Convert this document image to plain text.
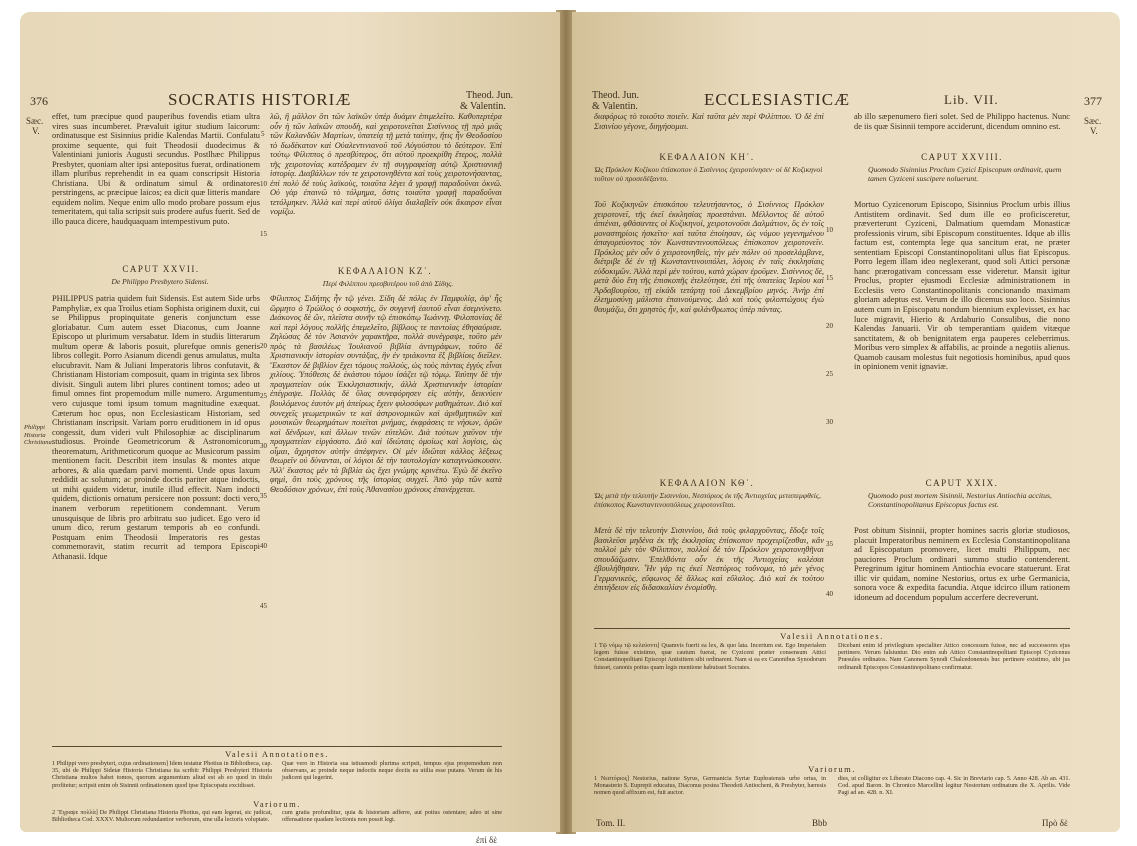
376	SOCRATIS HISTORIÆ	Theod. Jun.
& Valentin.
Sæc.
V.
effet, tum præcipue quod pauperibus fovendis etiam ultra vires suas incumberet. Prævaluit igitur studium laicorum: ordinatusque est Sisinnius pridie Kalendas Martii. Confulatu proxime sequente, qui fuit Theodosii duodecimus & Valentiniani junioris Augusti secundus. Postlhæc Philippus Presbyter, quoniam alter ipsi antepositus fuerat, ordinationem illam pluribus reprehendit in ea quam conscripsit Historia Christiana. Ubi & ordinatum simul & ordinatores perstringens, ac præcipue laicos; ea dicit quæ litteris mandare equidem nolim. Neque enim ullo modo probare possum ejus temeritatem, qui talia scripsit suis prodere aufus fuerit. Sed de illo pauca dicere, haudquaquam intempestivum puto.
λῶ, ἢ μᾶλλον ὅτι τῶν λαϊκῶν ὑπὲρ δυάμιν ἐπιμελεῖτο. Καθυπερτέρα οὖν ἡ τῶν λαϊκῶν σπουδὴ, καὶ χειροτονεῖται Σισίννιος τῇ πρὸ μιᾶς τῶν Καλανδῶν Μαρτίων, ὑπατείᾳ τῇ μετὰ ταύτην, ἥτις ἦν Θεοδοσίου τὸ δωδέκατον καὶ Οὐαλεντινιανοῦ τοῦ Αὐγούστου τὸ δεύτερον. Ἐπὶ τούτῳ Φίλιππος ὁ πρεσβύτερος, ὅτι αὐτοῦ προεκρίθη ἕτερος, πολλὰ τῆς χειροτονίας κατέδραμεν ἐν τῇ συγγραφείσῃ αὐτῷ Χριστιανικῇ ἱστορίᾳ. Διαβάλλων τόν τε χειροτονηθέντα καὶ τοὺς χειροτονήσαντας, ἐπὶ πολὺ δὲ τοὺς λαϊκοὺς, τοιαῦτα λέγει ἃ γραφῇ παραδοῦναι ὀκνῶ. Οὐ γὰρ ἐπαινῶ τὸ τόλμημα, ὅστις τοιαῦτα γραφῇ παραδοῦναι τετόλμηκεν. Ἀλλὰ καὶ περὶ αὐτοῦ ὀλίγα διαλαβεῖν οὐκ ἄκαιρον εἶναι νομίζω.
CAPUT XXVII.
De Philippo Presbytero Sidensi.
ΚΕΦΑΛΑΙΟΝ ΚΖ΄.
Περὶ Φιλίππου πρεσβυτέρου τοῦ ἀπὸ Σίδης.
PHILIPPUS patria quidem fuit Sidensis. Est autem Side urbs Pamphyliæ, ex qua Troilus etiam Sophista originem duxit, cui se Philippus propinquitate generis conjunctum esse gloriabatur. Cum autem esset Diaconus, cum Joanne Episcopo ut plurimum versabatur. Idem in studiis litterarum multum operæ & laboris posuit, plurefque omnis generis libros collegit. Porro Asianum dicendi genus amulatus, multa elucubravit. Nam & Juliani Imperatoris libros confutavit, & Christianam Historiam composuit, quam in triginta sex libros divisit. Singuli autem libri plures continent tomos; adeo ut fimul omnes fint propemodum mille numero. Argumentum vero cujusque tomi ipsum tomum magnitudine exæquat. Cæterum hoc opus, non Ecclesiasticam Historiam, sed Christianam inscripsit. Variam porro eruditionem in id opus congessit, dum videri vult Philosophiæ ac disciplinarum studiosus. Proinde Geometricorum & Astronomicorum theorematum, Arithmeticorum quoque ac Musicorum passim mentionem facit. Describit item insulas & montes atque arbores, & alia quædam parvi momenti. Unde opus laxum reddidit ac solutum; ac proinde doctis pariter atque indoctis, ut mihi quidem videtur, inutile illud effecit. Nam indocti quidem, dictionis ornatum persicere non possunt: docti vero, inanem verborum repetitionem condemnant. Verum unusquisque de libris pro arbitratu suo judicet. Ego vero id unum dico, rerum gestarum temporis ab eo confundi. Postquam enim Theodosii Imperatoris res gestas commemoravit, statim recurrit ad tempora Episcopi Athanasii. Idque
Φίλιππος Σιδήτης ἦν τῷ γένει. Σίδη δὲ πόλις ἐν Παμφυλίᾳ, ἀφ' ἧς ὥρμητο ὁ Τρώϊλος ὁ σοφιστὴς, ὃν συγγενῆ ἑαυτοῦ εἶναι ἐσεμνύνετο. Διάκονος δὲ ὢν, πλεῖστα συνῆν τῷ ἐπισκόπῳ Ἰωάννῃ. Φιλοπονίας δὲ καὶ περὶ λόγους πολλῆς ἐπεμελεῖτο, βίβλους τε παντοίας ἐθησαύρισε. Ζηλώσας δὲ τὸν Ἀσιανὸν χαρακτῆρα, πολλὰ συνέγραψε, τοῦτο μὲν πρὸς τὰ βασιλέως Ἰουλιανοῦ βιβλία ἀντιγράφων, τοῦτο δὲ Χριστιανικὴν ἱστορίαν συντάξας, ἣν ἐν τριάκοντα ἓξ βιβλίοις διεῖλεν. Ἕκαστον δὲ βιβλίον ἔχει τόμους πολλούς, ὡς τοὺς πάντας ἐγγὺς εἶναι χιλίους. Ὑπόθεσις δὲ ἑκάστου τόμου ἰσάζει τῷ τόμῳ. Ταύτην δὲ τὴν πραγματείαν οὐκ Ἐκκλησιαστικήν, ἀλλὰ Χριστιανικὴν ἱστορίαν ἐπέγραψε. Πολλὰς δὲ ὕλας συνεφόρησεν εἰς αὐτὴν, δεικνύειν βουλόμενος ἑαυτὸν μὴ ἀπείρως ἔχειν φιλοσόφων μαθημάτων. Διὸ καὶ συνεχεῖς γεωμετρικῶν τε καὶ ἀστρονομικῶν καὶ ἀριθμητικῶν καὶ μουσικῶν θεωρημάτων ποιεῖται μνήμας, ἐκφράσεις τε νήσων, ὀρῶν καὶ δένδρων, καὶ ἄλλων τινῶν εὐτελῶν. Διὰ τούτων χαῦνον τὴν πραγματείαν εἰργάσατο. Διὸ καὶ ἰδιώταις ὁμοίως καὶ λογίοις, ὡς οἶμαι, ἄχρηστον αὐτὴν ἀπέφηνεν. Οἱ μὲν ἰδιῶται κάλλος λέξεως θεωρεῖν οὐ δύνανται, οἱ λόγιοι δὲ τὴν ταυτολογίαν καταγινώσκουσιν. Ἀλλ' ἕκαστος μὲν τὰ βιβλία ὡς ἔχει γνώμης κρινέτω. Ἐγὼ δὲ ἐκεῖνο φημὶ, ὅτι τοὺς χρόνους τῆς ἱστορίας συγχεῖ. Ἀπὸ γὰρ τῶν κατὰ Θεοδόσιον χρόνων, ἐπὶ τοὺς Ἀθανασίου χρόνους ἐπανέρχεται.
Philippi Historia Christiana.
5
10
15
20
25
30
35
40
45
Valesii Annotationes.
1 Philippi vero presbyteri, cujus ordinationem] Idem testatur Photius in Bibliotheca, cap. 35, ubi de Philippi Sidetæ Historia Christiana ita scribit: Philippi Presbyteri Historia Christiana multos habet tomos, quorum argumentum aliud est ab eo quod in titulo profitetur; scripsit enim ob Sisinnii ordinationem quod ipse Episcopatu excidisset.
Quæ vero in Historia sua istiusmodi plurima scripsit, tempus ejus propemodum non observans, ac proinde neque indoctis neque doctis ea utilia esse putans. Verum de his judicent qui legerint.
Variorum.
2 Ἔγραψε πολλὰ] De Philippi Christiana Historia Photius, qui eam legerat, sic judicat, Bibliotheca Cod. XXXV. Multorum redundantior verborum, sine ulla lectoris voluptate.
cum gratia profunditur, quia & historiam adferre, aut potius ostentare; adeo ut sine offensatione quadam lectionis non possit legi.
ἐπὶ δὲ
Theod. Jun.
& Valentin.	ECCLESIASTICÆ	Lib. VII.	377
Sæc.
V.
διαφόρως τὸ τοιοῦτο ποιεῖν. Καὶ ταῦτα μὲν περὶ Φιλίππου. Ὁ δὲ ἐπὶ Σισινίου γέγονε, διηγήσομαι.
ab illo sæpenumero fieri solet. Sed de Philippo hactenus. Nunc de iis quæ Sisinnii tempore acciderunt, dicendum omnino est.
ΚΕΦΑΛΑΙΟΝ ΚΗ΄.	CAPUT XXVIII.
Ὡς Πρόκλον Κυζίκου ἐπίσκοπον ὁ Σισίννιος ἐχειροτόνησεν· οἱ δὲ Κυζικηνοὶ τοῦτον οὐ προσεδέξαντο.
Quomodo Sisinnius Proclum Cyzici Episcopum ordinavit, quem tamen Cyziceni suscipere noluerunt.
Τοῦ Κυζικηνῶν ἐπισκόπου τελευτήσαντος, ὁ Σισίννιος Πρόκλον χειροτονεῖ, τῆς ἐκεῖ ἐκκλησίας προεστάναι. Μέλλοντος δὲ αὐτοῦ ἀπιέναι, φθάσαντες οἱ Κυζικηνοὶ, χειροτονοῦσι Δαλμάτιον, ὃς ἐν τοῖς μοναστηρίοις ἠσκεῖτο· καὶ ταῦτα ἐποίησαν, ὡς νόμου γεγενημένου ἀπαγορεύοντος τὸν Κωνσταντινουπόλεως ἐπίσκοπον χειροτονεῖν. Πρόκλος μὲν οὖν ὁ χειροτονηθεὶς, τὴν μὲν πόλιν οὐ προσελάμβανε, διέτριβε δὲ ἐν τῇ Κωνσταντινουπόλει, λόγοις ἐν ταῖς ἐκκλησίαις εὐδοκιμῶν. Ἀλλὰ περὶ μὲν τούτου, κατὰ χώραν ἐροῦμεν. Σισίννιος δὲ, μετὰ δύο ἔτη τῆς ἐπισκοπῆς ἐτελεύτησε, ἐπὶ τῆς ὑπατείας Ἱερίου καὶ Ἀρδαβουρίου, τῇ εἰκάδι τετάρτῃ τοῦ Δεκεμβρίου μηνός. Ἀνὴρ ἐπὶ ἐλεημοσύνῃ μάλιστα ἐπαινούμενος. Διὸ καὶ τοὺς φιλοπτώχους ἐγὼ θαυμάζω, ὅτι χρηστὸς ἦν, καὶ φιλάνθρωπος ὑπὲρ πάντας.
Mortuo Cyzicenorum Episcopo, Sisinnius Proclum urbis illius Antistitem ordinavit. Sed dum ille eo proficisceretur, præverterunt Cyziceni, Dalmatium quemdam Monasticæ professionis virum, sibi Episcopum constituentes. Idque ab illis factum est, contempta lege qua sancitum erat, ne præter sententiam Episcopi Constantinopolitani ullus fiat Episcopus. Porro legem illam ideo neglexerant, quod soli Attici personæ hanc prærogativam concessam esse videretur. Mansit igitur Proclus, propter ejusmodi Ecclesiæ administrationem in Ecclesiis vero Constantinopolitanis concionando maximam gloriam adeptus est. Verum de illo dicemus suo loco. Sisinnius autem cum in Episcopatu nondum biennium explevisset, ex hac luce migravit, Hierio & Ardaburio Consulibus, die nono Kalendas Januarii. Vir ob temperantiam quidem vitæque sanctitatem, & ob benignitatem erga pauperes celeberrimus. Moribus vero simplex & affabilis, ac proinde a negotiis alienus. Quamob causam molestus fuit negotiosis hominibus, apud quos in opinionem venit ignaviæ.
ΚΕΦΑΛΑΙΟΝ ΚΘ΄.	CAPUT XXIX.
Ὡς μετὰ τὴν τελευτὴν Σισιννίου, Νεστόριος ἐκ τῆς Ἀντιοχείας μεταπεμφθεὶς, ἐπίσκοπος Κωνσταντινουπόλεως χειροτονεῖται.
Quomodo post mortem Sisinnii, Nestorius Antiochia accitus, Constantinopolitanus Episcopus factus est.
Μετὰ δὲ τὴν τελευτὴν Σισιννίου, διὰ τοὺς φιλαρχοῦντας, ἔδοξε τοῖς βασιλεῦσι μηδένα ἐκ τῆς ἐκκλησίας ἐπίσκοπον προχειρίζεσθαι, κἂν πολλοὶ μὲν τὸν Φίλιππον, πολλοὶ δὲ τὸν Πρόκλον χειροτονηθῆναι σπουδάζωσιν. Ἐπελθόντα οὖν ἐκ τῆς Ἀντιοχείας καλέσαι ἐβουλήθησαν. Ἦν γάρ τις ἐκεῖ Νεστόριος τοὔνομα, τὸ μὲν γένος Γερμανικεὺς, εὔφωνος δὲ ἄλλως καὶ εὔλαλος. Διὸ καὶ ἐκ τούτου ἐπιτήδειον εἰς διδασκαλίαν ἐνομίσθη.
Post obitum Sisinnii, propter homines sacris gloriæ studiosos, placuit Imperatoribus neminem ex Ecclesia Constantinopolitana ad Episcopatum promovere, licet multi Philippum, nec pauciores Proclum ordinari summo studio contenderent. Peregrinum igitur hominem Antiochia evocare statuerunt. Erat illic vir quidam, nomine Nestorius, ortus ex urbe Germanicia, sonora voce & expedita facundia. Atque idcirco illum rationem idoneum ad docendum populum accerfere decreverunt.
10
15
20
25
30
35
40
Valesii Annotationes.
1 Τῷ νόμῳ τῷ κελεύοντι] Quamvis fuerit ea lex, & quo lata. Incertum est. Ego Imperialem legem fuisse existimo, quæ cautum fuerat, ne Cyziceni præter consensum Attici Constantinopolitani Episcopi Antistitem sibi ordinarent. Nam si ea ex Canonibus Synodorum fuisset, canonis potius quam legis mentione habuisset Socrates.
Dicebant enim id privilegium specialiter Attico concessum fuisse, nec ad successores ejus pertinere. Verum falsiuntur. Dio enim sub Attico Constantinopolitani Episcopi Cyzicenus Præsules ordinatos. Nam Canonem Synodi Chalcedonensis huc pertinere existimo, ubi jus ordinandi Episcopos Constantinopolitano confirmatur.
Variorum.
1 Νεστόριος] Nestorius, natione Syrus, Germanicia Syriæ Euphratensis urbe ortus, in Monasterio S. Euprepii educatus, Diaconus postea Theodoti Antiocheni, & Presbyter, hæresis nomen quod affixum est, fuit auctor.
dies, ut colligitur ex Liberato Diacono cap. 4. Sic in Breviario cap. 5. Anno 428. Ab an. 431. Cod. apud Baron. In Chronico Marcellini legitur Nestorium ordinatum die X. Aprilis. Vide Pagi ad an. 428. n. XI.
Tom. II.	Bbb	Πρὸ δὲ
